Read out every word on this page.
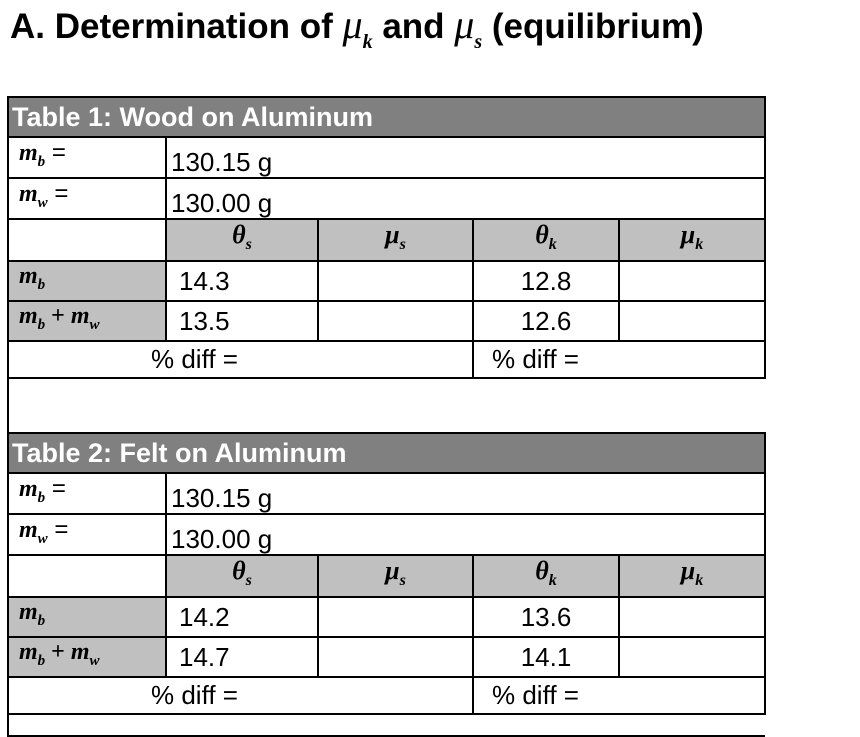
A. Determination of $\mu_k$ and $\mu_s$ (equilibrium)
Table 1: Wood on Aluminum				
$m_b$ =	130.15 g			
$m_w$ =	130.00 g			
	$\theta_s$	$\mu_s$	$\theta_k$	$\mu_k$
$m_b$	14.3		12.8	
$m_b + m_w$	13.5		12.6	

% diff =			% diff =	

Table 2: Felt on Aluminum				
$m_b$ =	130.15 g			
$m_w$ =	130.00 g			
	$\theta_s$	$\mu_s$	$\theta_k$	$\mu_k$
$m_b$	14.2		13.6	
$m_b + m_w$	14.7		14.1	

% diff =			% diff =	
